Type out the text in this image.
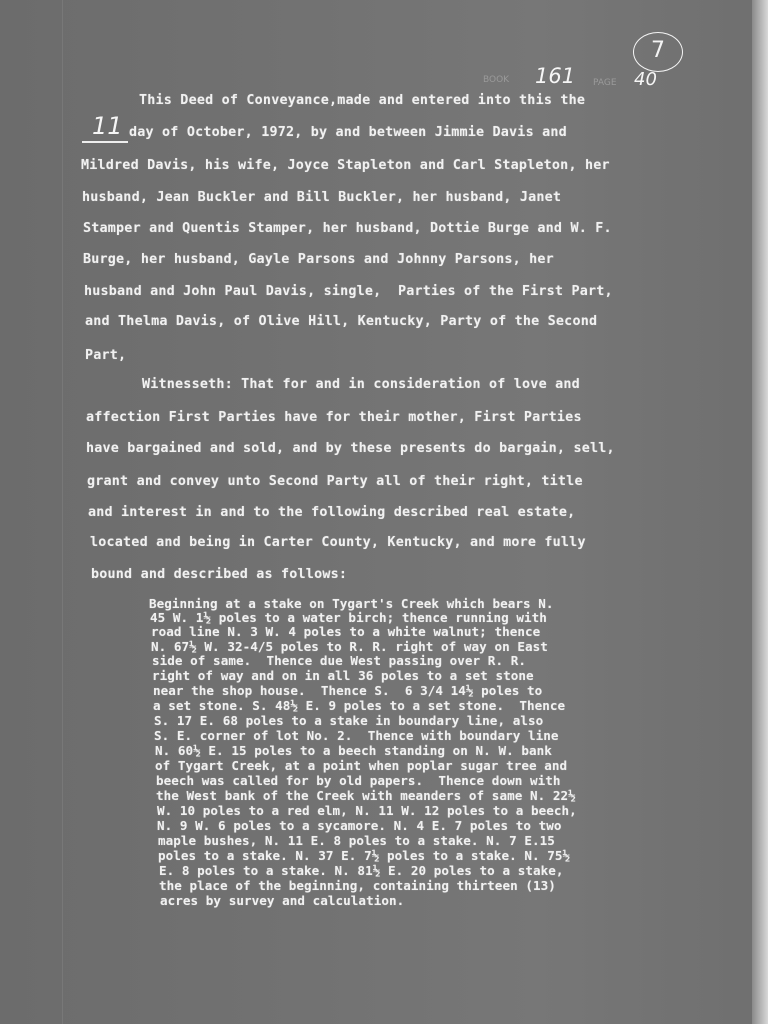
BOOK 161 PAGE 40
7
11
This Deed of Conveyance,made and entered into this the
day of October, 1972, by and between Jimmie Davis and
Mildred Davis, his wife, Joyce Stapleton and Carl Stapleton, her
husband, Jean Buckler and Bill Buckler, her husband, Janet
Stamper and Quentis Stamper, her husband, Dottie Burge and W. F.
Burge, her husband, Gayle Parsons and Johnny Parsons, her
husband and John Paul Davis, single,  Parties of the First Part,
and Thelma Davis, of Olive Hill, Kentucky, Party of the Second
Part,
Witnesseth: That for and in consideration of love and
affection First Parties have for their mother, First Parties
have bargained and sold, and by these presents do bargain, sell,
grant and convey unto Second Party all of their right, title
and interest in and to the following described real estate,
located and being in Carter County, Kentucky, and more fully
bound and described as follows:
Beginning at a stake on Tygart's Creek which bears N.
45 W. 1½ poles to a water birch; thence running with
road line N. 3 W. 4 poles to a white walnut; thence
N. 67½ W. 32-4/5 poles to R. R. right of way on East
side of same.  Thence due West passing over R. R.
right of way and on in all 36 poles to a set stone
near the shop house.  Thence S.  6 3/4 14½ poles to
a set stone. S. 48½ E. 9 poles to a set stone.  Thence
S. 17 E. 68 poles to a stake in boundary line, also
S. E. corner of lot No. 2.  Thence with boundary line
N. 60½ E. 15 poles to a beech standing on N. W. bank
of Tygart Creek, at a point when poplar sugar tree and
beech was called for by old papers.  Thence down with
the West bank of the Creek with meanders of same N. 22½
W. 10 poles to a red elm, N. 11 W. 12 poles to a beech,
N. 9 W. 6 poles to a sycamore. N. 4 E. 7 poles to two
maple bushes, N. 11 E. 8 poles to a stake. N. 7 E.15
poles to a stake. N. 37 E. 7½ poles to a stake. N. 75½
E. 8 poles to a stake. N. 81½ E. 20 poles to a stake,
the place of the beginning, containing thirteen (13)
acres by survey and calculation.
